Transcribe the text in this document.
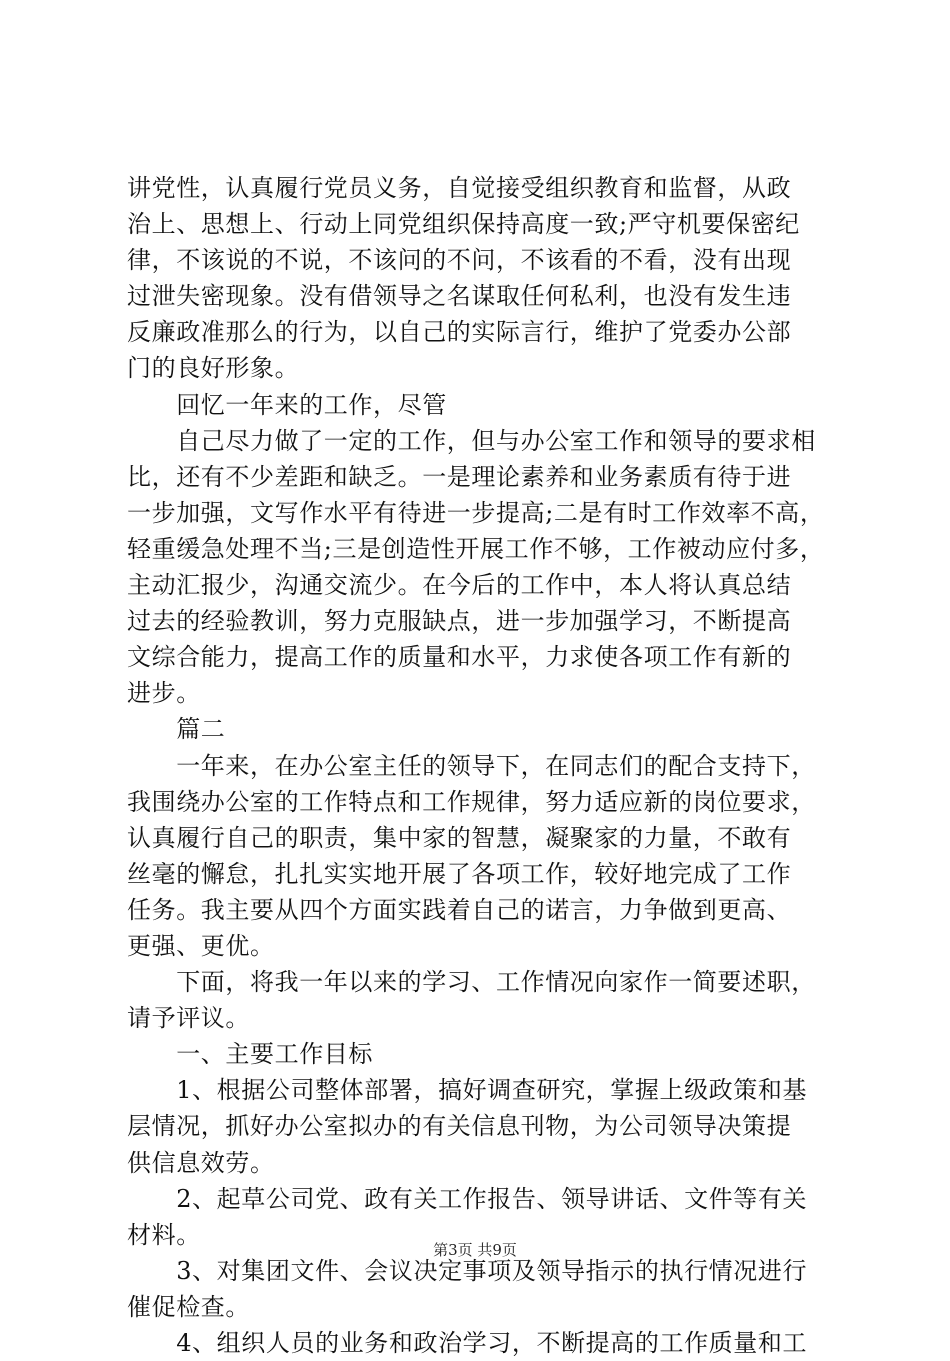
讲党性，认真履行党员义务，自觉接受组织教育和监督，从政
治上、思想上、行动上同党组织保持高度一致;严守机要保密纪
律，不该说的不说，不该问的不问，不该看的不看，没有出现
过泄失密现象。没有借领导之名谋取任何私利，也没有发生违
反廉政准那么的行为，以自己的实际言行，维护了党委办公部
门的良好形象。
　　回忆一年来的工作，尽管
　　自己尽力做了一定的工作，但与办公室工作和领导的要求相
比，还有不少差距和缺乏。一是理论素养和业务素质有待于进
一步加强，文写作水平有待进一步提高;二是有时工作效率不高，
轻重缓急处理不当;三是创造性开展工作不够，工作被动应付多，
主动汇报少，沟通交流少。在今后的工作中，本人将认真总结
过去的经验教训，努力克服缺点，进一步加强学习，不断提高
文综合能力，提高工作的质量和水平，力求使各项工作有新的
进步。
　　篇二
　　一年来，在办公室主任的领导下，在同志们的配合支持下，
我围绕办公室的工作特点和工作规律，努力适应新的岗位要求，
认真履行自己的职责，集中家的智慧，凝聚家的力量，不敢有
丝毫的懈怠，扎扎实实地开展了各项工作，较好地完成了工作
任务。我主要从四个方面实践着自己的诺言，力争做到更高、
更强、更优。
　　下面，将我一年以来的学习、工作情况向家作一简要述职，
请予评议。
　　一、主要工作目标
　　1、根据公司整体部署，搞好调查研究，掌握上级政策和基
层情况，抓好办公室拟办的有关信息刊物，为公司领导决策提
供信息效劳。
　　2、起草公司党、政有关工作报告、领导讲话、文件等有关
材料。
　　3、对集团文件、会议决定事项及领导指示的执行情况进行
催促检查。
　　4、组织人员的业务和政治学习，不断提高的工作质量和工
第3页 共9页
